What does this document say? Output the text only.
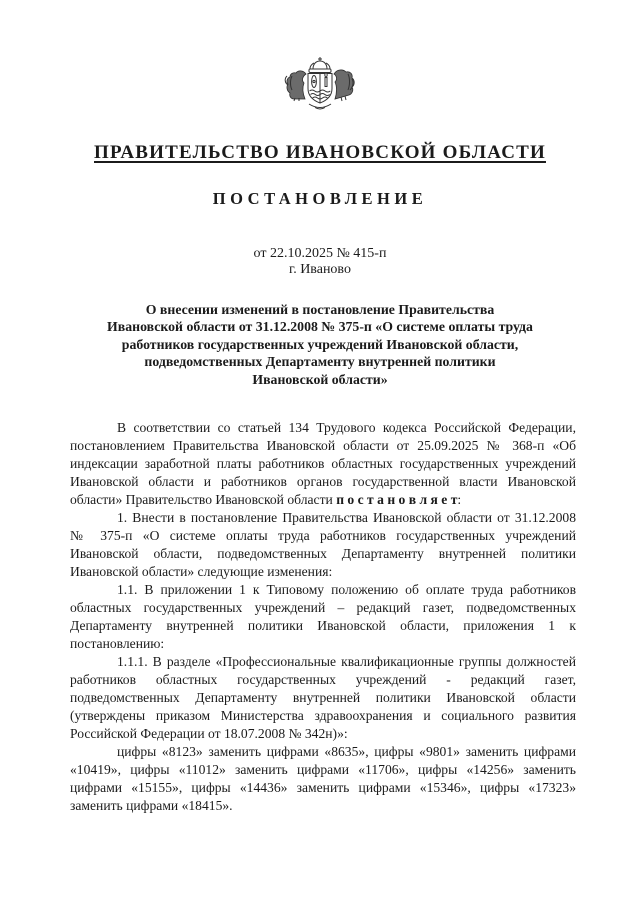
ПРАВИТЕЛЬСТВО ИВАНОВСКОЙ ОБЛАСТИ
ПОСТАНОВЛЕНИЕ
от 22.10.2025 № 415-п
г. Иваново
О внесении изменений в постановление Правительства
Ивановской области от 31.12.2008 № 375-п «О системе оплаты труда
работников государственных учреждений Ивановской области,
подведомственных Департаменту внутренней политики
Ивановской области»

В соответствии со статьей 134 Трудового кодекса Российской Федерации, постановлением Правительства Ивановской области от 25.09.2025 № 368-п «Об индексации заработной платы работников областных государственных учреждений Ивановской области и работников органов государственной власти Ивановской области» Правительство Ивановской области п о с т а н о в л я е т:

1. Внести в постановление Правительства Ивановской области от 31.12.2008 № 375-п «О системе оплаты труда работников государственных учреждений Ивановской области, подведомственных Департаменту внутренней политики Ивановской области» следующие изменения:

1.1. В приложении 1 к Типовому положению об оплате труда работников областных государственных учреждений – редакций газет, подведомственных Департаменту внутренней политики Ивановской области, приложения 1 к постановлению:

1.1.1. В разделе «Профессиональные квалификационные группы должностей работников областных государственных учреждений - редакций газет, подведомственных Департаменту внутренней политики Ивановской области (утверждены приказом Министерства здравоохранения и социального развития Российской Федерации от 18.07.2008 № 342н)»:

цифры «8123» заменить цифрами «8635», цифры «9801» заменить цифрами «10419», цифры «11012» заменить цифрами «11706», цифры «14256» заменить цифрами «15155», цифры «14436» заменить цифрами «15346», цифры «17323» заменить цифрами «18415».
